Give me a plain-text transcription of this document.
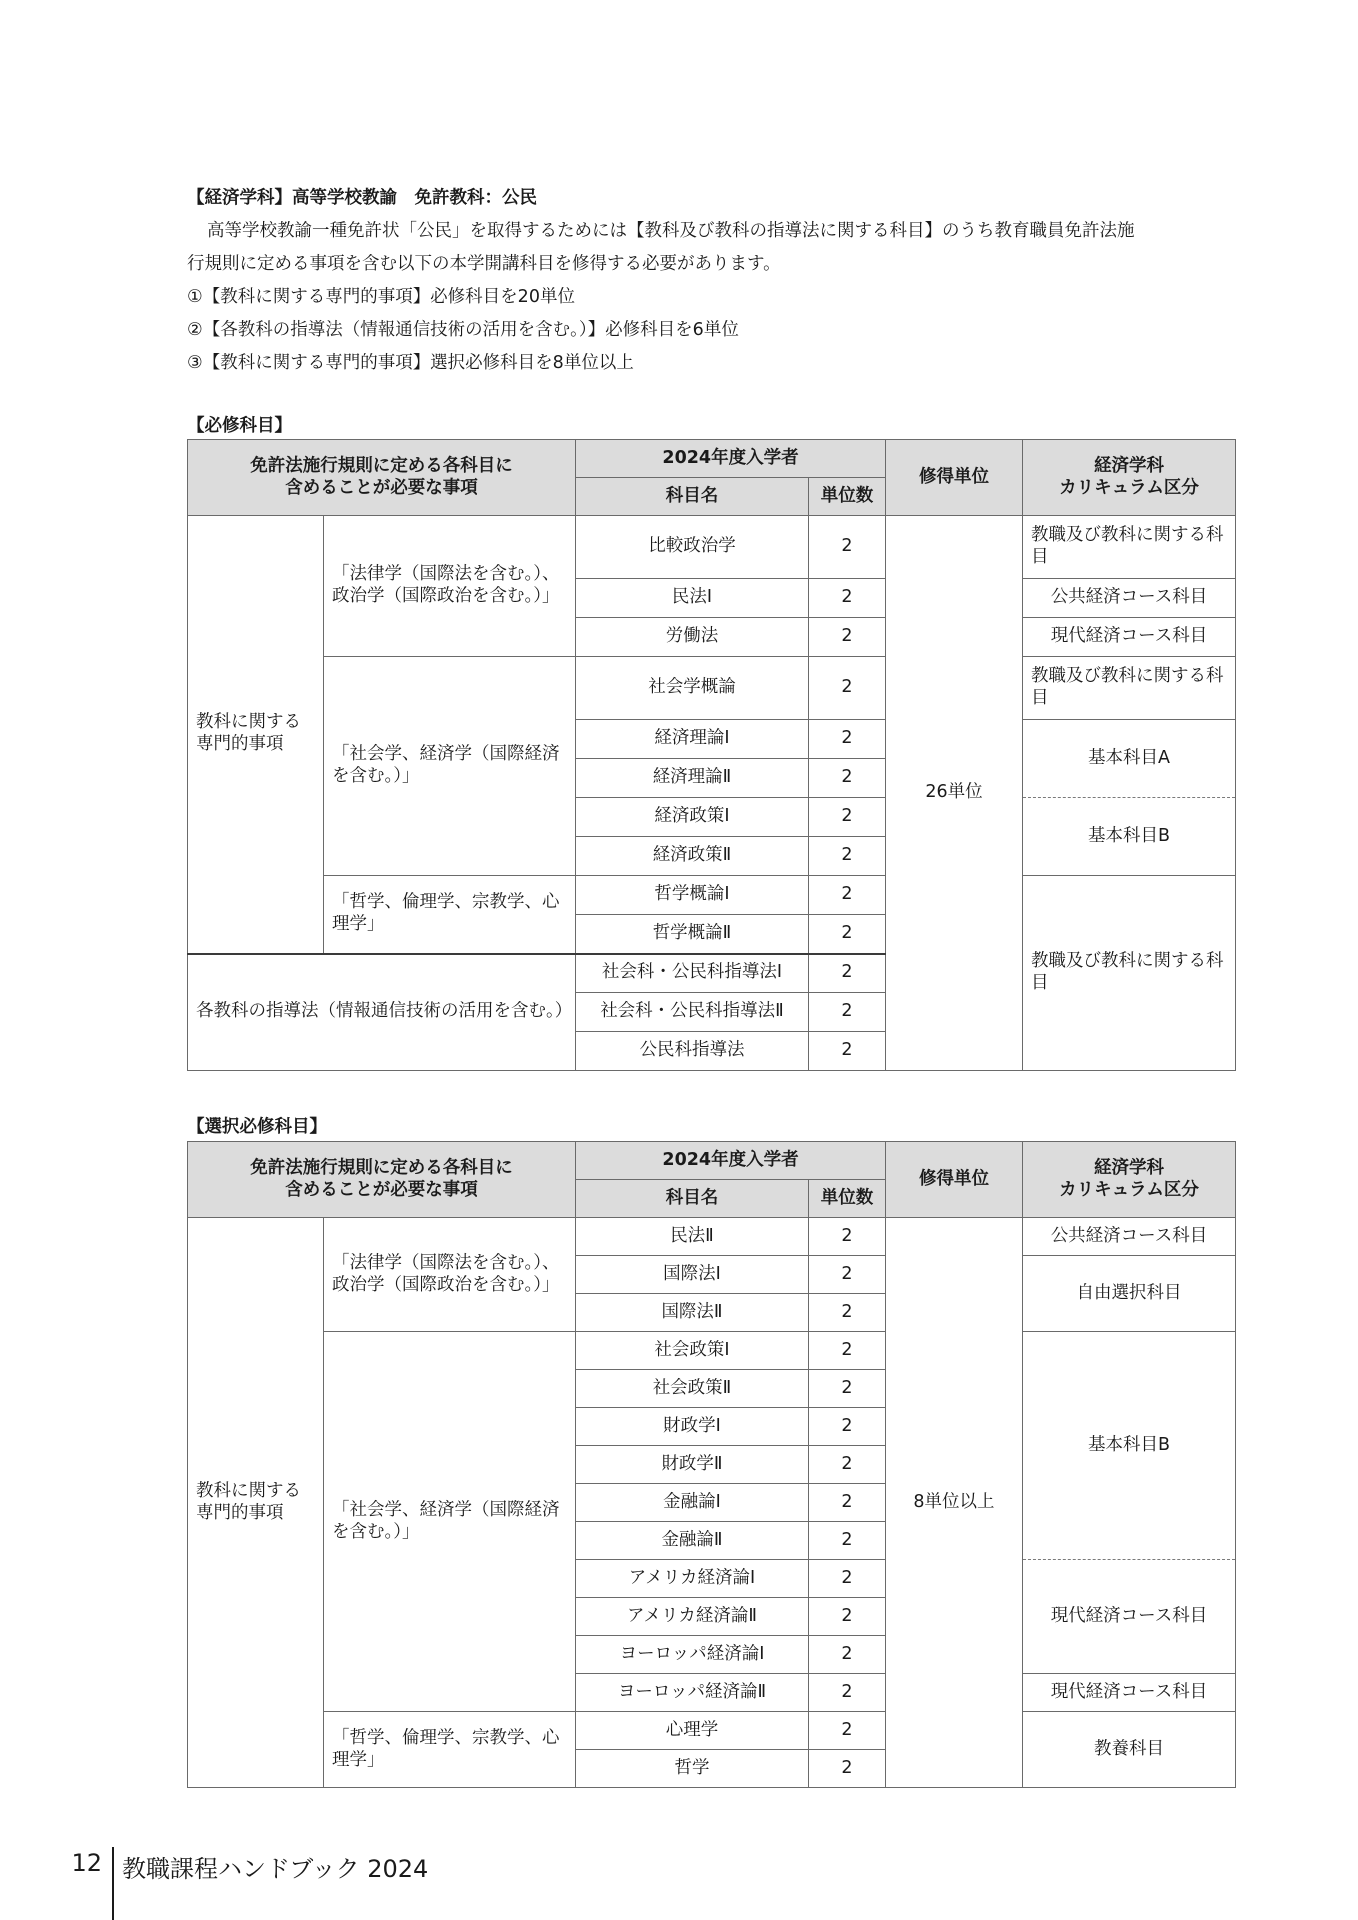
【経済学科】高等学校教諭　免許教科：公民
高等学校教諭一種免許状「公民」を取得するためには【教科及び教科の指導法に関する科目】のうち教育職員免許法施
行規則に定める事項を含む以下の本学開講科目を修得する必要があります。
①【教科に関する専門的事項】必修科目を20単位
②【各教科の指導法（情報通信技術の活用を含む。）】必修科目を6単位
③【教科に関する専門的事項】選択必修科目を8単位以上
【必修科目】
免許法施行規則に定める各科目に
含めることが必要な事項		2024年度入学者		修得単位	経済学科
カリキュラム区分

		科目名	単位数		
教科に関する専門的事項	「法律学（国際法を含む。）、政治学（国際政治を含む。）」	比較政治学	2	26単位	教職及び教科に関する科目
		民法Ⅰ	2		公共経済コース科目
		労働法	2		現代経済コース科目
	「社会学、経済学（国際経済を含む。）」	社会学概論	2		教職及び教科に関する科目
		経済理論Ⅰ	2		基本科目A
		経済理論Ⅱ	2		
		経済政策Ⅰ	2		基本科目B
		経済政策Ⅱ	2		
	「哲学、倫理学、宗教学、心理学」	哲学概論Ⅰ	2		教職及び教科に関する科目
		哲学概論Ⅱ	2		
各教科の指導法（情報通信技術の活用を含む。）		社会科・公民科指導法Ⅰ	2		
		社会科・公民科指導法Ⅱ	2		
		公民科指導法	2		
【選択必修科目】
免許法施行規則に定める各科目に
含めることが必要な事項		2024年度入学者		修得単位	経済学科
カリキュラム区分

		科目名	単位数		
教科に関する専門的事項	「法律学（国際法を含む。）、政治学（国際政治を含む。）」	民法Ⅱ	2	8単位以上	公共経済コース科目
		国際法Ⅰ	2		自由選択科目
		国際法Ⅱ	2		
	「社会学、経済学（国際経済を含む。）」	社会政策Ⅰ	2		基本科目B
		社会政策Ⅱ	2		
		財政学Ⅰ	2		
		財政学Ⅱ	2		
		金融論Ⅰ	2		
		金融論Ⅱ	2		
		アメリカ経済論Ⅰ	2		現代経済コース科目
		アメリカ経済論Ⅱ	2		
		ヨーロッパ経済論Ⅰ	2		
		ヨーロッパ経済論Ⅱ	2		現代経済コース科目
	「哲学、倫理学、宗教学、心理学」	心理学	2		教養科目
		哲学	2		
12 教職課程ハンドブック 2024
